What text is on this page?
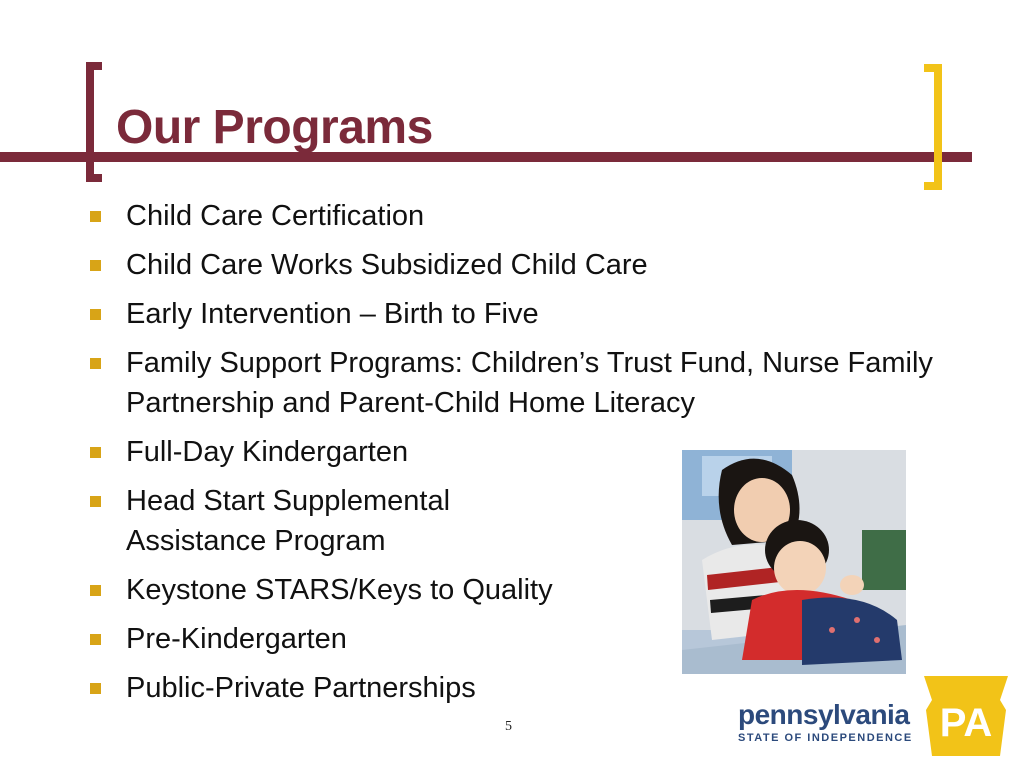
Our Programs
Child Care Certification
Child Care Works Subsidized Child Care
Early Intervention – Birth to Five
Family Support Programs: Children’s Trust Fund, Nurse Family Partnership and Parent-Child Home Literacy
Full-Day Kindergarten
Head Start Supplemental
Assistance Program
Keystone STARS/Keys to Quality
Pre-Kindergarten
Public-Private Partnerships
5	pennsylvania
STATE OF INDEPENDENCE PA
